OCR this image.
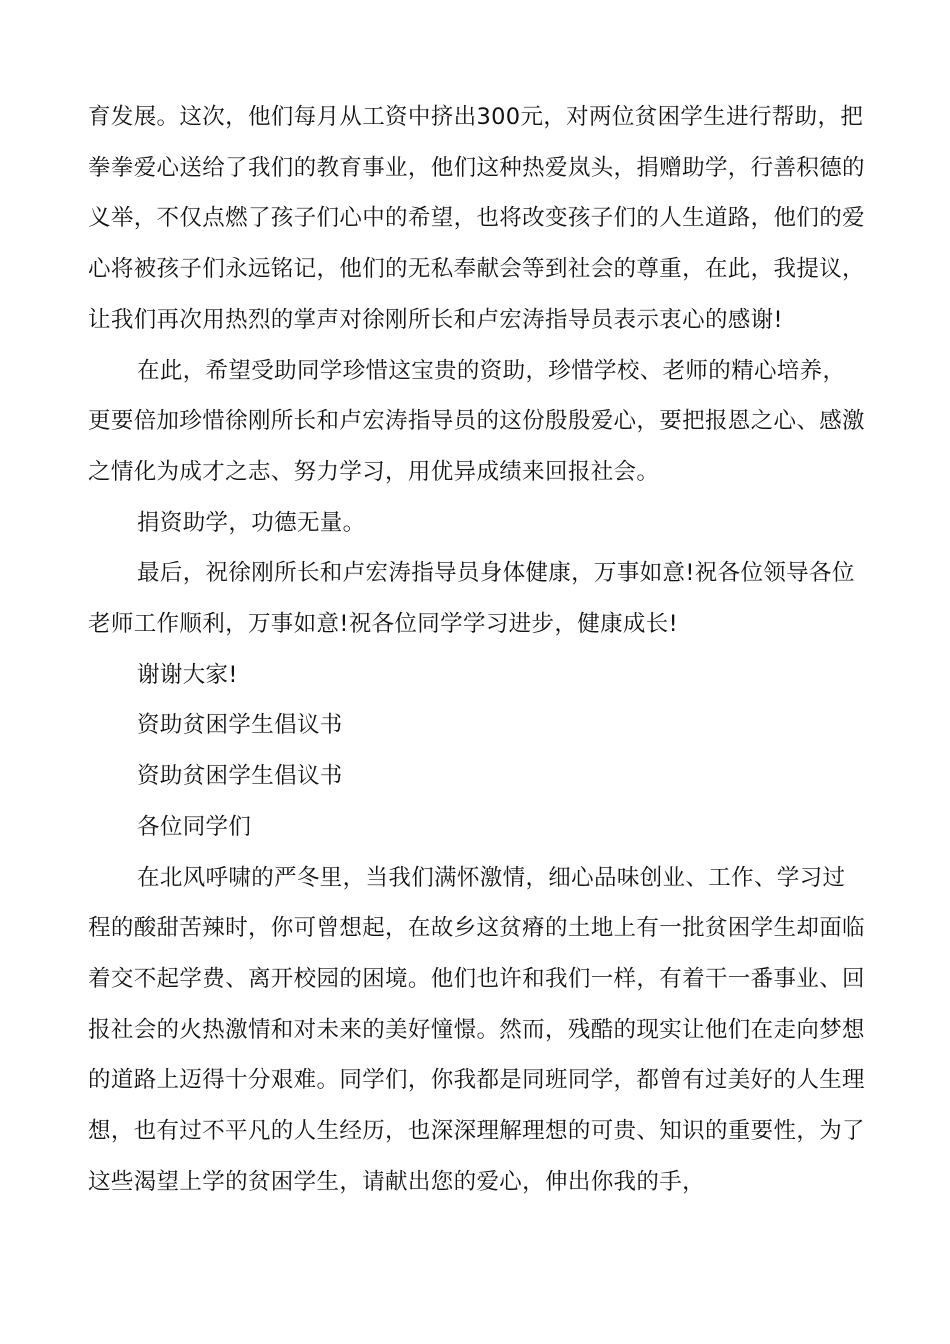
育发展。这次，他们每月从工资中挤出300元，对两位贫困学生进行帮助，把拳拳爱心送给了我们的教育事业，他们这种热爱岚头，捐赠助学，行善积德的义举，不仅点燃了孩子们心中的希望，也将改变孩子们的人生道路，他们的爱心将被孩子们永远铭记，他们的无私奉献会等到社会的尊重，在此，我提议，让我们再次用热烈的掌声对徐刚所长和卢宏涛指导员表示衷心的感谢!

在此，希望受助同学珍惜这宝贵的资助，珍惜学校、老师的精心培养，更要倍加珍惜徐刚所长和卢宏涛指导员的这份殷殷爱心，要把报恩之心、感激之情化为成才之志、努力学习，用优异成绩来回报社会。

捐资助学，功德无量。

最后，祝徐刚所长和卢宏涛指导员身体健康，万事如意!祝各位领导各位老师工作顺利，万事如意!祝各位同学学习进步，健康成长!

谢谢大家!

资助贫困学生倡议书

资助贫困学生倡议书

各位同学们

在北风呼啸的严冬里，当我们满怀激情，细心品味创业、工作、学习过程的酸甜苦辣时，你可曾想起，在故乡这贫瘠的土地上有一批贫困学生却面临着交不起学费、离开校园的困境。他们也许和我们一样，有着干一番事业、回报社会的火热激情和对未来的美好憧憬。然而，残酷的现实让他们在走向梦想的道路上迈得十分艰难。同学们，你我都是同班同学，都曾有过美好的人生理想，也有过不平凡的人生经历，也深深理解理想的可贵、知识的重要性，为了这些渴望上学的贫困学生，请献出您的爱心，伸出你我的手，
